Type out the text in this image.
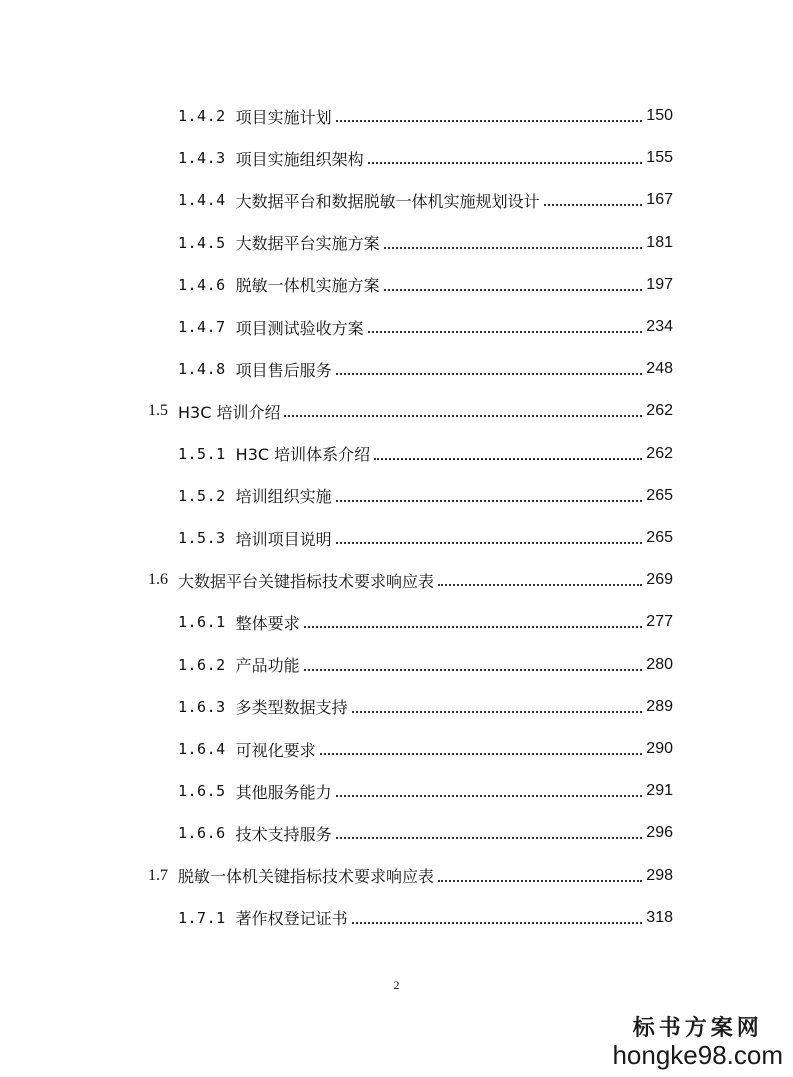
1.4.2 项目实施计划	150
1.4.3 项目实施组织架构	155
1.4.4 大数据平台和数据脱敏一体机实施规划设计	167
1.4.5 大数据平台实施方案	181
1.4.6 脱敏一体机实施方案	197
1.4.7 项目测试验收方案	234
1.4.8 项目售后服务	248
1.5 H3C 培训介绍	262
1.5.1 H3C 培训体系介绍	262
1.5.2 培训组织实施	265
1.5.3 培训项目说明	265
1.6 大数据平台关键指标技术要求响应表	269
1.6.1 整体要求	277
1.6.2 产品功能	280
1.6.3 多类型数据支持	289
1.6.4 可视化要求	290
1.6.5 其他服务能力	291
1.6.6 技术支持服务	296
1.7 脱敏一体机关键指标技术要求响应表	298
1.7.1 著作权登记证书	318
2
标书方案网
hongke98.com
